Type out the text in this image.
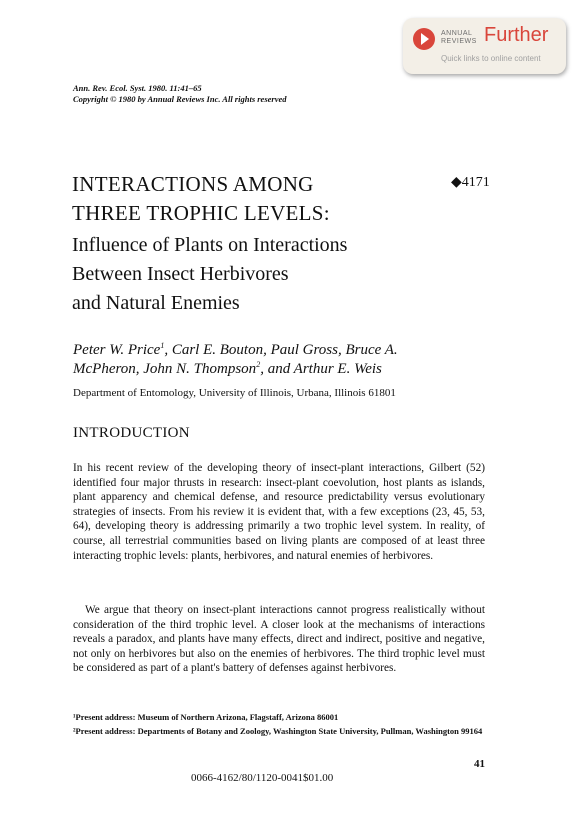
ANNUAL
REVIEWS Further
Quick links to online content
Ann. Rev. Ecol. Syst. 1980. 11:41–65
Copyright © 1980 by Annual Reviews Inc. All rights reserved
INTERACTIONS AMONG
THREE TROPHIC LEVELS:
◆4171
Influence of Plants on Interactions
Between Insect Herbivores
and Natural Enemies
Peter W. Price$^1$, Carl E. Bouton, Paul Gross, Bruce A.
McPheron, John N. Thompson$^2$, and Arthur E. Weis
Department of Entomology, University of Illinois, Urbana, Illinois 61801
INTRODUCTION

In his recent review of the developing theory of insect-plant interactions, Gilbert (52) identified four major thrusts in research: insect-plant coevolution, host plants as islands, plant apparency and chemical defense, and resource predictability versus evolutionary strategies of insects. From his review it is evident that, with a few exceptions (23, 45, 53, 64), developing theory is addressing primarily a two trophic level system. In reality, of course, all terrestrial communities based on living plants are composed of at least three interacting trophic levels: plants, herbivores, and natural enemies of herbivores.

We argue that theory on insect-plant interactions cannot progress realistically without consideration of the third trophic level. A closer look at the mechanisms of interactions reveals a paradox, and plants have many effects, direct and indirect, positive and negative, not only on herbivores but also on the enemies of herbivores. The third trophic level must be considered as part of a plant's battery of defenses against herbivores.

¹Present address: Museum of Northern Arizona, Flagstaff, Arizona 86001
²Present address: Departments of Botany and Zoology, Washington State University, Pullman, Washington 99164
41
0066-4162/80/1120-0041$01.00
